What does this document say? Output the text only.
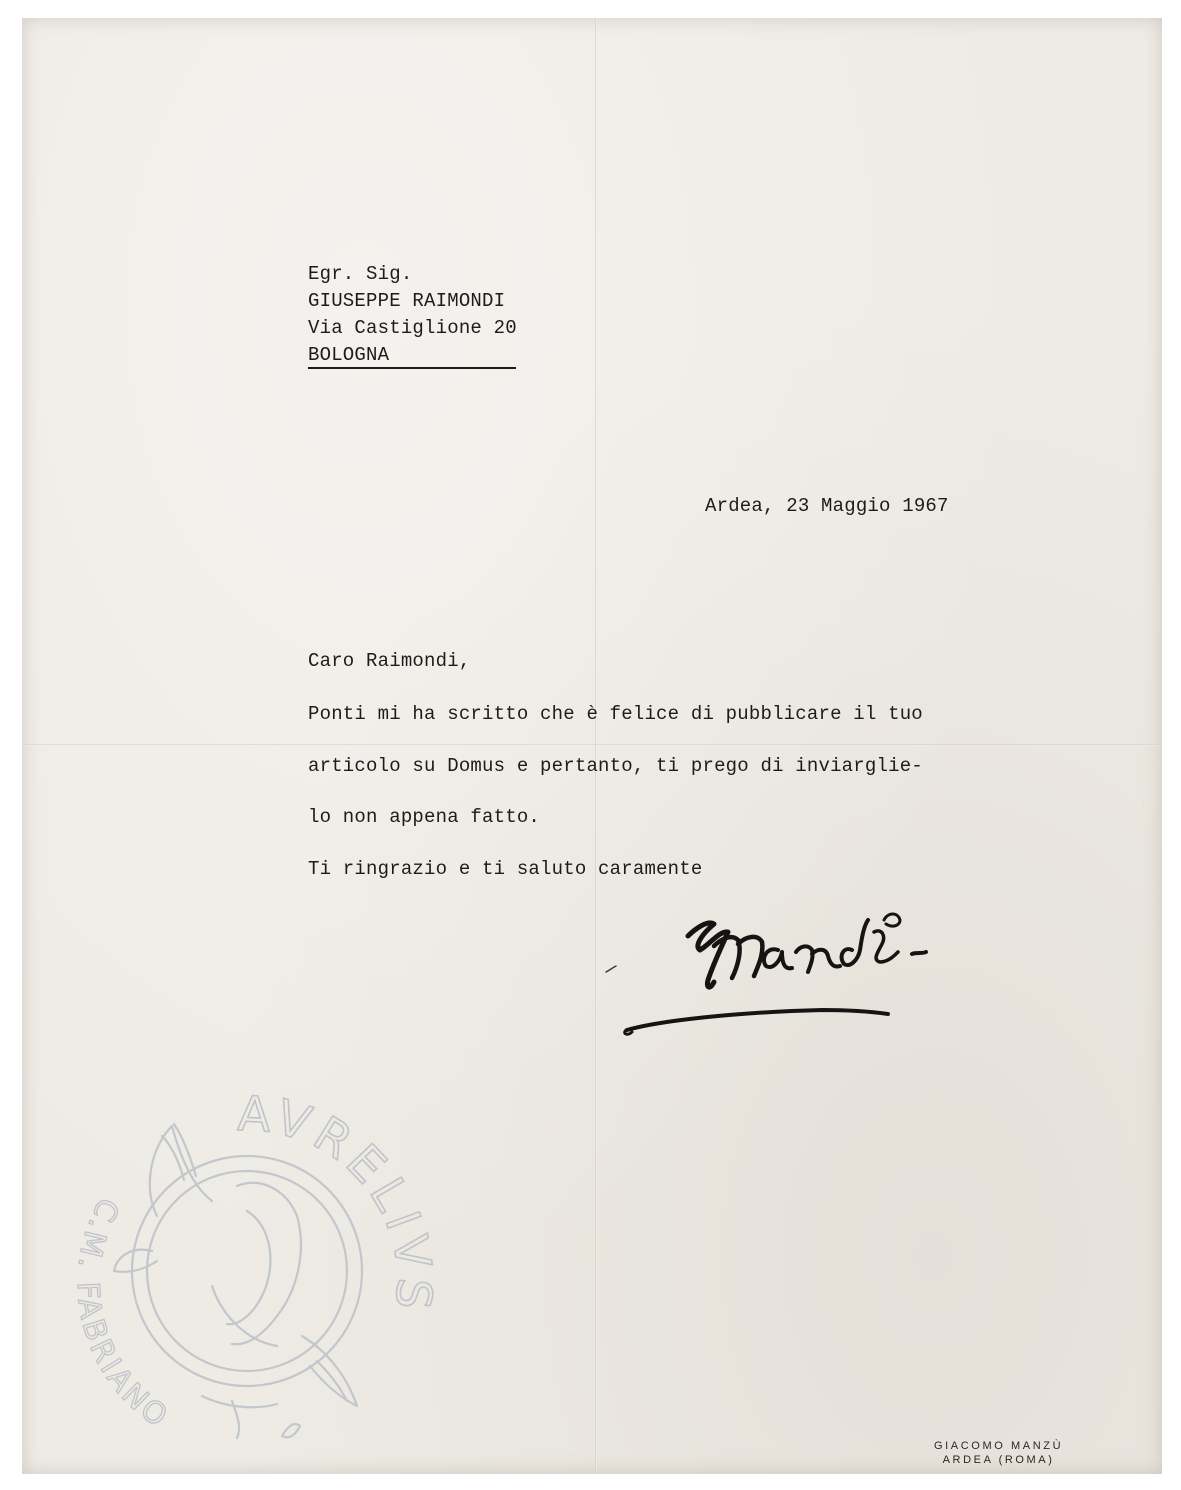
Egr. Sig.
GIUSEPPE RAIMONDI
Via Castiglione 20
BOLOGNA
Ardea, 23 Maggio 1967
Caro Raimondi,
Ponti mi ha scritto che è felice di pubblicare il tuo
articolo su Domus e pertanto, ti prego di inviarglie-
lo non appena fatto.
Ti ringrazio e ti saluto caramente
AVRELIVS
C.M. FABRIANO
GIACOMO MANZÙ
ARDEA (ROMA)
